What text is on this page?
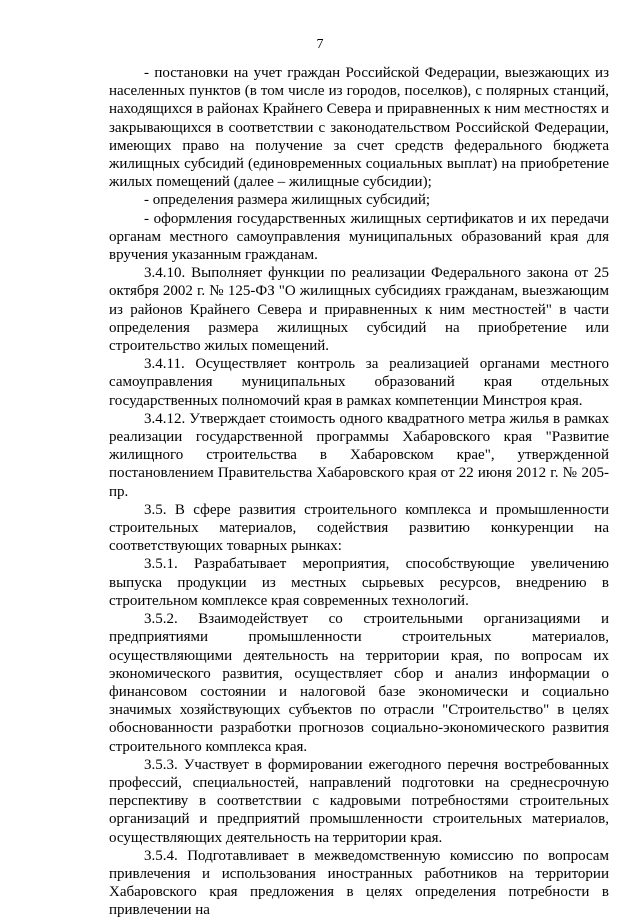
7

- постановки на учет граждан Российской Федерации, выезжающих из населенных пунктов (в том числе из городов, поселков), с полярных станций, находящихся в районах Крайнего Севера и приравненных к ним местностях и закрывающихся в соответствии с законодательством Российской Федерации, имеющих право на получение за счет средств федерального бюджета жилищных субсидий (единовременных социальных выплат) на приобретение жилых помещений (далее – жилищные субсидии);

- определения размера жилищных субсидий;

- оформления государственных жилищных сертификатов и их передачи органам местного самоуправления муниципальных образований края для вручения указанным гражданам.

3.4.10. Выполняет функции по реализации Федерального закона от 25 октября 2002 г. № 125-ФЗ "О жилищных субсидиях гражданам, выезжающим из районов Крайнего Севера и приравненных к ним местностей" в части определения размера жилищных субсидий на приобретение или строительство жилых помещений.

3.4.11. Осуществляет контроль за реализацией органами местного самоуправления муниципальных образований края отдельных государственных полномочий края в рамках компетенции Минстроя края.

3.4.12. Утверждает стоимость одного квадратного метра жилья в рамках реализации государственной программы Хабаровского края "Развитие жилищного строительства в Хабаровском крае", утвержденной постановлением Правительства Хабаровского края от 22 июня 2012 г. № 205-пр.

3.5. В сфере развития строительного комплекса и промышленности строительных материалов, содействия развитию конкуренции на соответствующих товарных рынках:

3.5.1. Разрабатывает мероприятия, способствующие увеличению выпуска продукции из местных сырьевых ресурсов, внедрению в строительном комплексе края современных технологий.

3.5.2. Взаимодействует со строительными организациями и предприятиями промышленности строительных материалов, осуществляющими деятельность на территории края, по вопросам их экономического развития, осуществляет сбор и анализ информации о финансовом состоянии и налоговой базе экономически и социально значимых хозяйствующих субъектов по отрасли "Строительство" в целях обоснованности разработки прогнозов социально-экономического развития строительного комплекса края.

3.5.3. Участвует в формировании ежегодного перечня востребованных профессий, специальностей, направлений подготовки на среднесрочную перспективу в соответствии с кадровыми потребностями строительных организаций и предприятий промышленности строительных материалов, осуществляющих деятельность на территории края.

3.5.4. Подготавливает в межведомственную комиссию по вопросам привлечения и использования иностранных работников на территории Хабаровского края предложения в целях определения потребности в привлечении на
